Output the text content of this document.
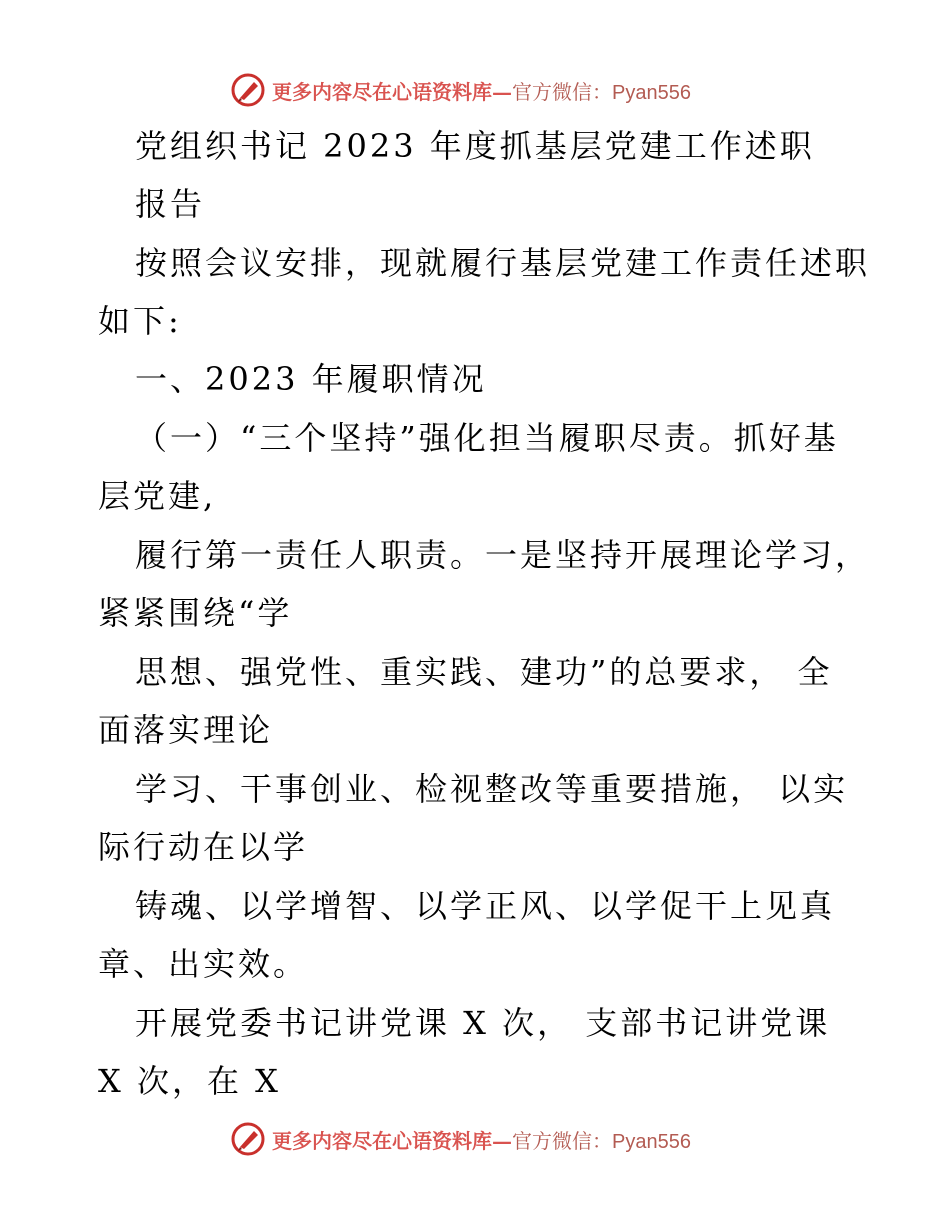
更多内容尽在心语资料库—官方微信：Pyan556
党组织书记 2023 年度抓基层党建工作述职
报告
按照会议安排，现就履行基层党建工作责任述职
如下:
一、2023 年履职情况
（一）“三个坚持”强化担当履职尽责。抓好基
层党建,
履行第一责任人职责。一是坚持开展理论学习，
紧紧围绕“学
思想、强党性、重实践、建功”的总要求， 全
面落实理论
学习、干事创业、检视整改等重要措施， 以实
际行动在以学
铸魂、以学增智、以学正风、以学促干上见真
章、出实效。
开展党委书记讲党课 X 次， 支部书记讲党课
X 次，在 X
更多内容尽在心语资料库—官方微信：Pyan556
